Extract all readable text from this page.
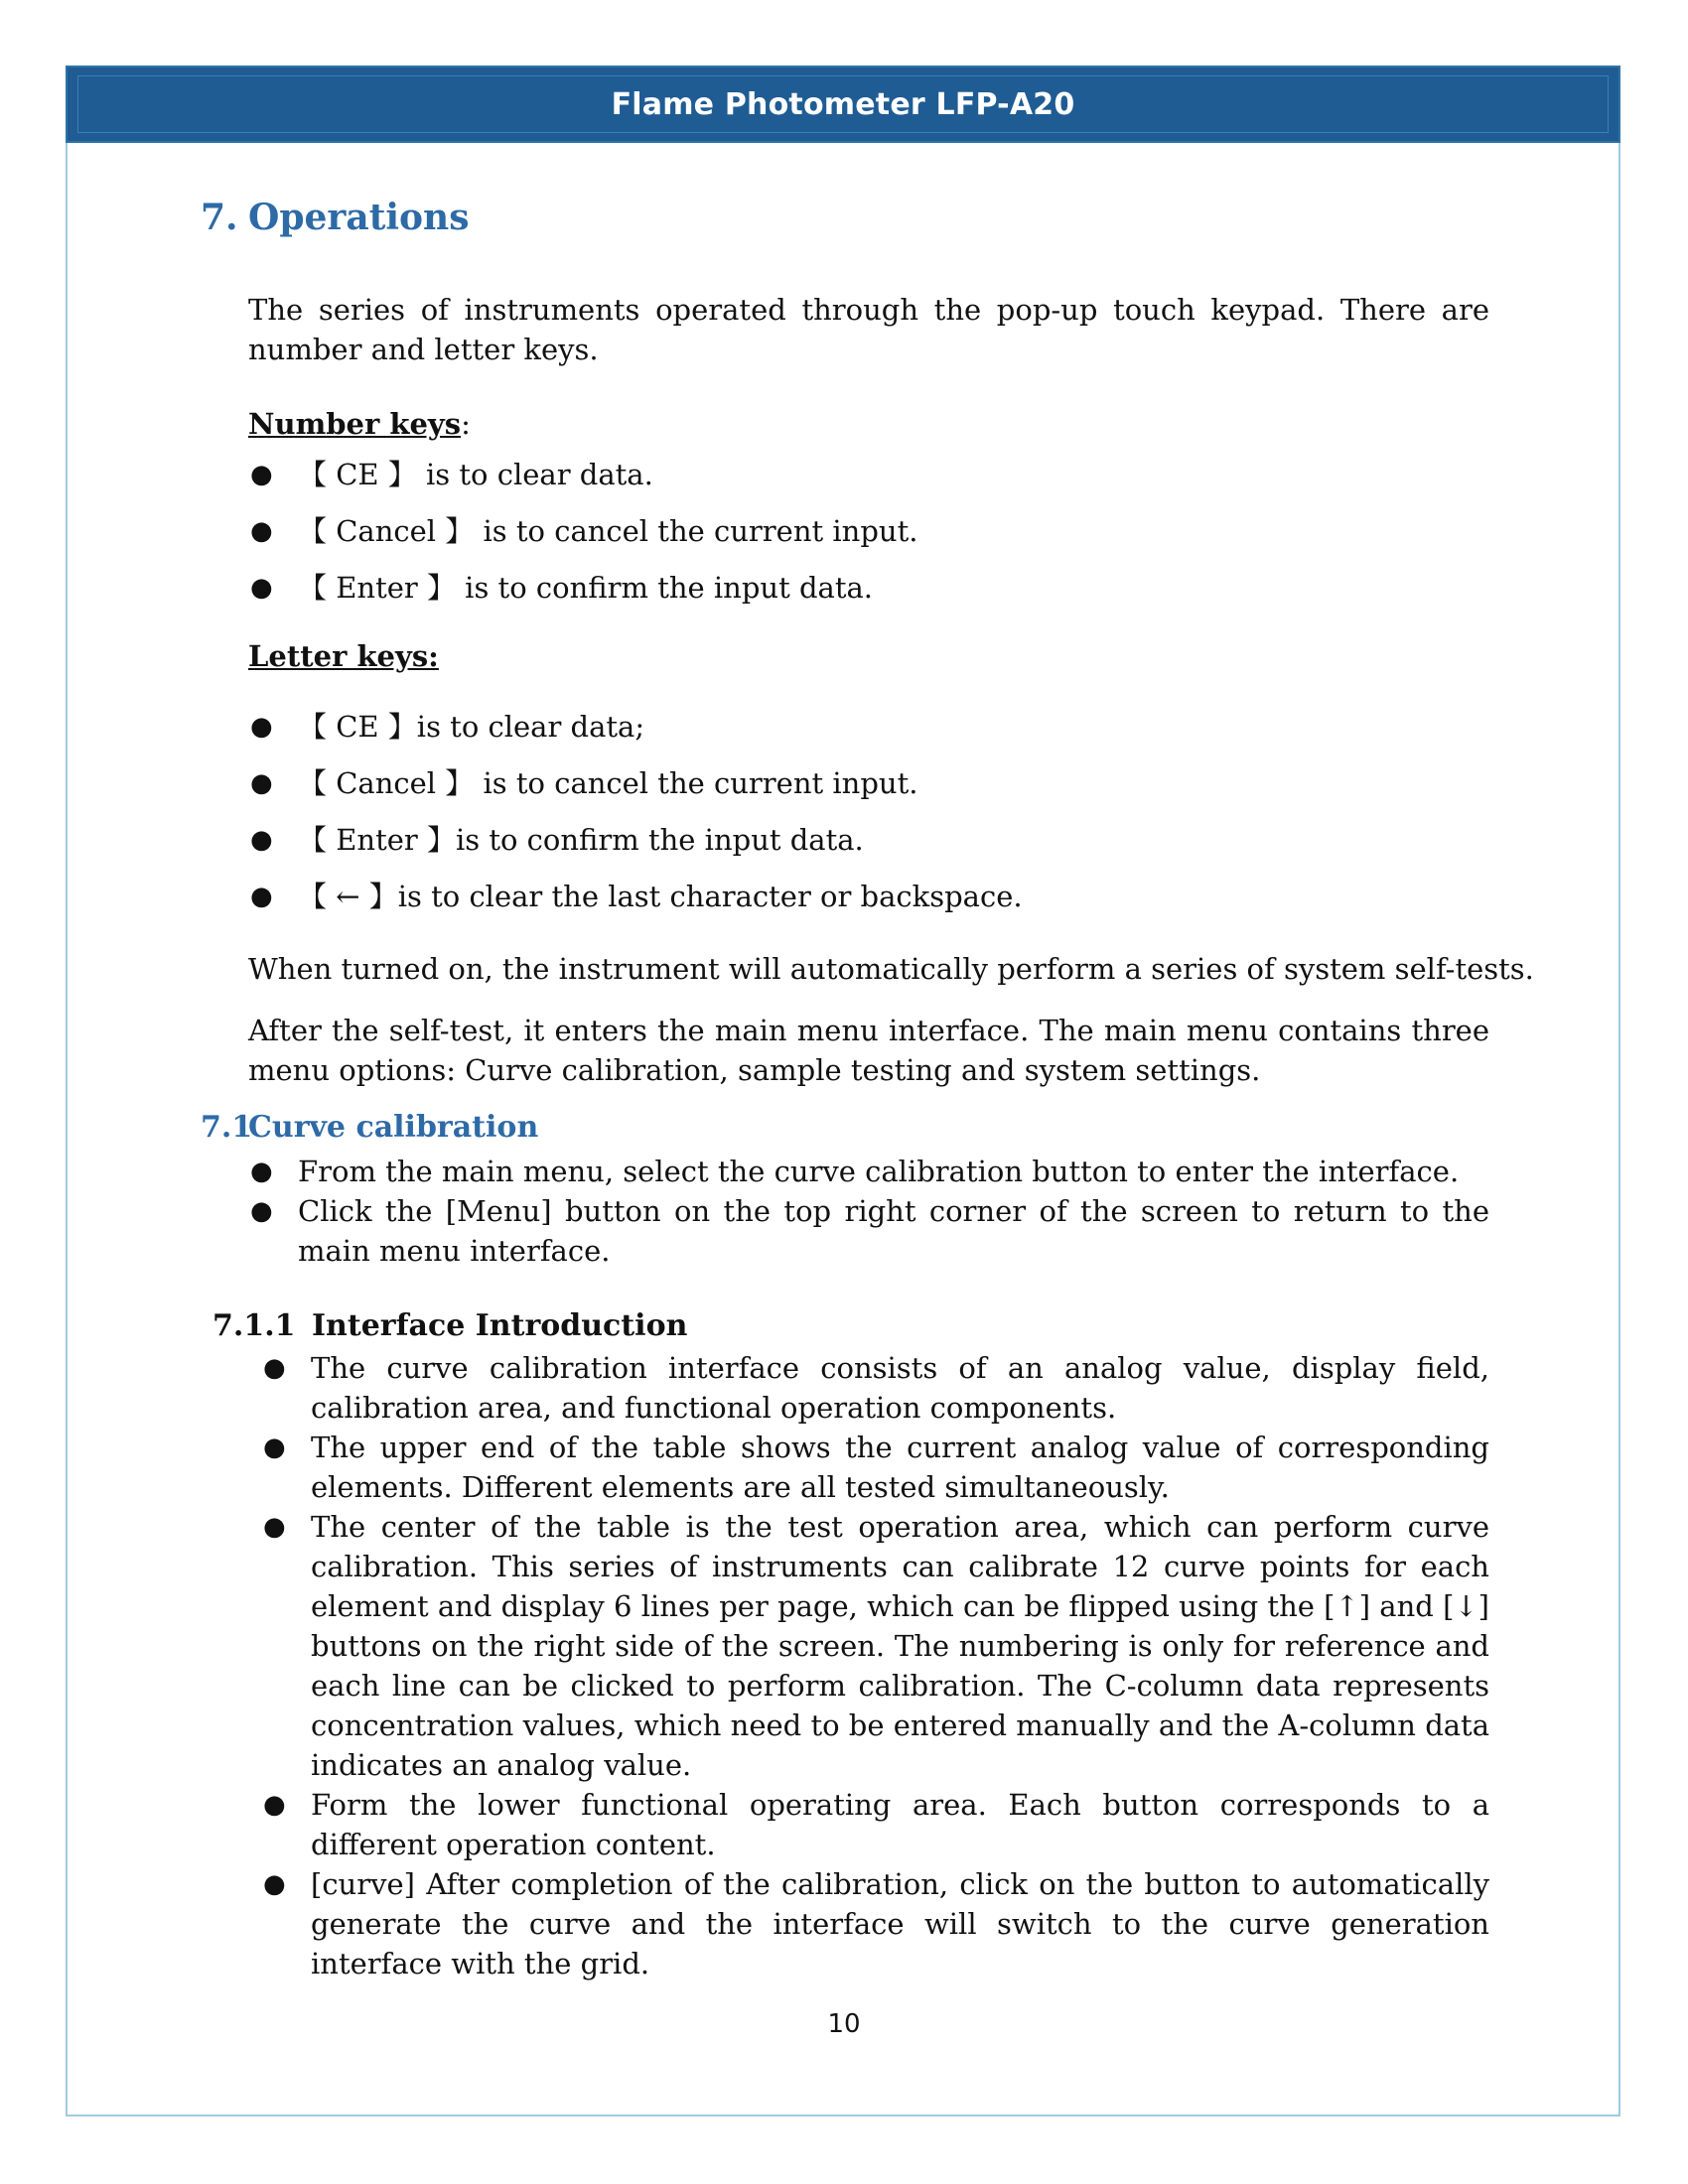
Flame Photometer LFP-A20
7. Operations
The series of instruments operated through the pop-up touch keypad. There are number and letter keys.
Number keys:
● 【 CE 】 is to clear data.
● 【 Cancel 】 is to cancel the current input.
● 【 Enter 】 is to confirm the input data.
Letter keys:
● 【 CE 】is to clear data;
● 【 Cancel 】 is to cancel the current input.
● 【 Enter 】is to confirm the input data.
● 【 ← 】is to clear the last character or backspace.
When turned on, the instrument will automatically perform a series of system self-tests.
After the self-test, it enters the main menu interface. The main menu contains three menu options: Curve calibration, sample testing and system settings.
7.1Curve calibration
● From the main menu, select the curve calibration button to enter the interface.
● Click the [Menu] button on the top right corner of the screen to return to the main menu interface.
7.1.1 Interface Introduction
● The curve calibration interface consists of an analog value, display field, calibration area, and functional operation components.
● The upper end of the table shows the current analog value of corresponding elements. Different elements are all tested simultaneously.
● The center of the table is the test operation area, which can perform curve calibration. This series of instruments can calibrate 12 curve points for each element and display 6 lines per page, which can be flipped using the [↑] and [↓] buttons on the right side of the screen. The numbering is only for reference and each line can be clicked to perform calibration. The C-column data represents concentration values, which need to be entered manually and the A-column data indicates an analog value.
● Form the lower functional operating area. Each button corresponds to a different operation content.
● [curve] After completion of the calibration, click on the button to automatically generate the curve and the interface will switch to the curve generation interface with the grid.
10
